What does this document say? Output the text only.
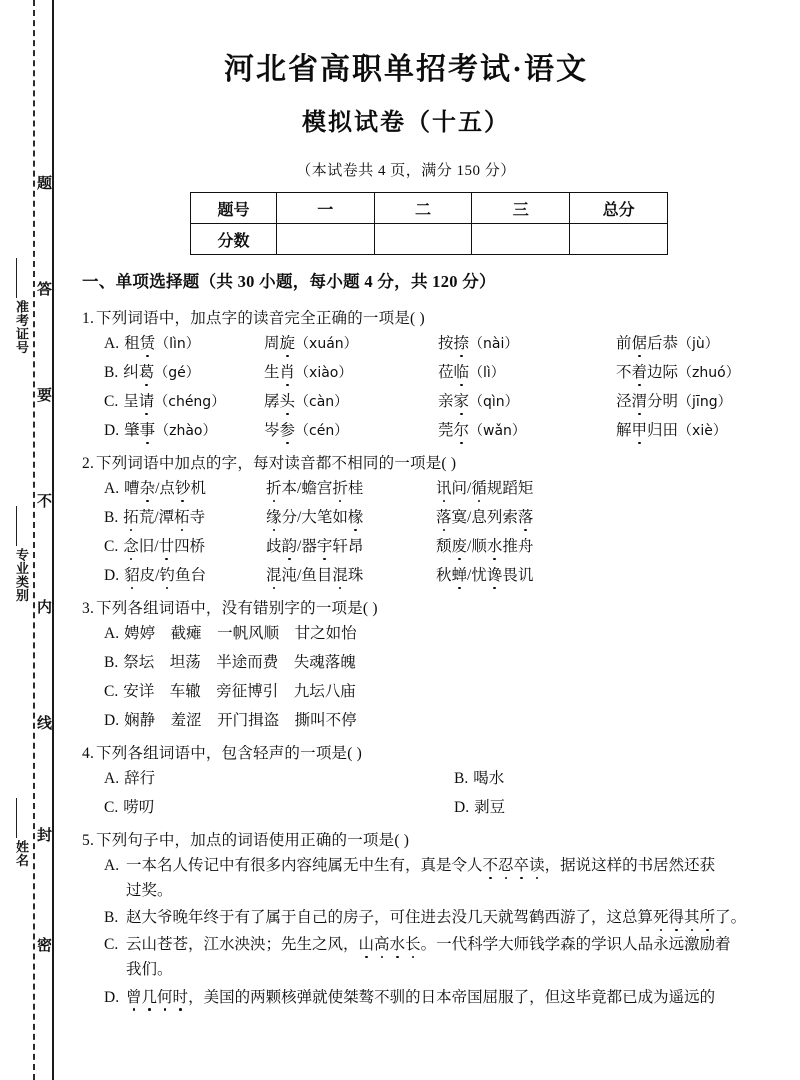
题
答
要
不
内
线
封
密
准考证号
专业类别
姓名
河北省高职单招考试·语文
模拟试卷（十五）

（本试卷共 4 页，满分 150 分）

题号	一	二	三	总分
分数				
一、单项选择题（共 30 小题，每小题 4 分，共 120 分）
1. 下列词语中，加点字的读音完全正确的一项是( )
A. 租赁（lìn）	周旋（xuán）	按捺（nài）	前倨后恭（jù）
B. 纠葛（gé）	生肖（xiào）	莅临（lì）	不着边际（zhuó）
C. 呈请（chéng）	孱头（càn）	亲家（qìn）	泾渭分明（jīng）
D. 肇事（zhào）	岑参（cén）	莞尔（wǎn）	解甲归田（xiè）
2. 下列词语中加点的字，每对读音都不相同的一项是( )
A. 嘈杂/点钞机	折本/蟾宫折桂	讯问/循规蹈矩
B. 拓荒/潭柘寺	缘分/大笔如椽	落寞/息列索落
C. 念旧/廿四桥	歧韵/器宇轩昂	颓废/顺水推舟
D. 貂皮/钓鱼台	混沌/鱼目混珠	秋蝉/忧谗畏讥
3. 下列各组词语中，没有错别字的一项是( )
A. 娉婷　截瘫　一帆风顺　甘之如怡
B. 祭坛　坦荡　半途而费　失魂落魄
C. 安详　车辙　旁征博引　九坛八庙
D. 娴静　羞涩　开门揖盗　撕叫不停
4. 下列各组词语中，包含轻声的一项是( )
A. 辞行	B. 喝水
C. 唠叨	D. 剥豆
5. 下列句子中，加点的词语使用正确的一项是( )
A. 一本名人传记中有很多内容纯属无中生有，真是令人不忍卒读，据说这样的书居然还获
过奖。
B. 赵大爷晚年终于有了属于自己的房子，可住进去没几天就驾鹤西游了，这总算死得其所了。
C. 云山苍苍，江水泱泱；先生之风，山高水长。一代科学大师钱学森的学识人品永远激励着
我们。
D. 曾几何时，美国的两颗核弹就使桀骜不驯的日本帝国屈服了，但这毕竟都已成为遥远的
